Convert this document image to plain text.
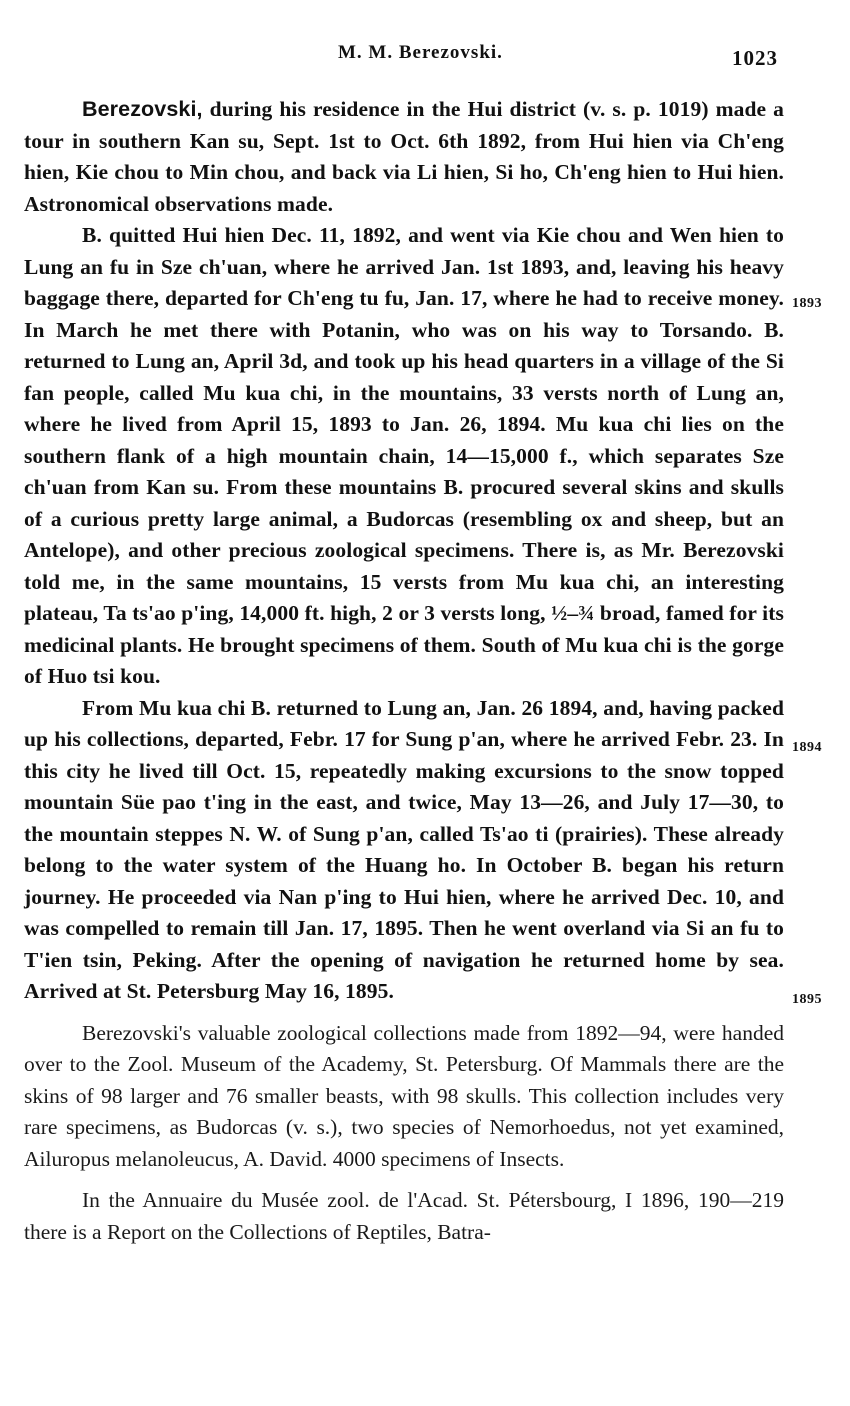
M. M. Berezovski.	1023

Berezovski, during his residence in the Hui district (v. s. p. 1019) made a tour in southern Kan su, Sept. 1st to Oct. 6th 1892, from Hui hien via Ch'eng hien, Kie chou to Min chou, and back via Li hien, Si ho, Ch'eng hien to Hui hien. Astronomical observations made.

B. quitted Hui hien Dec. 11, 1892, and went via Kie chou and Wen hien to Lung an fu in Sze ch'uan, where he arrived Jan. 1st 1893, and, leaving his heavy baggage there, departed for Ch'eng tu fu, Jan. 17, where he had to receive money. In March he met there with Potanin, who was on his way to Torsando. B. returned to Lung an, April 3d, and took up his head quarters in a village of the Si fan people, called Mu kua chi, in the mountains, 33 versts north of Lung an, where he lived from April 15, 1893 to Jan. 26, 1894. Mu kua chi lies on the southern flank of a high mountain chain, 14—15,000 f., which separates Sze ch'uan from Kan su. From these mountains B. procured several skins and skulls of a curious pretty large animal, a Budorcas (resembling ox and sheep, but an Antelope), and other precious zoological specimens. There is, as Mr. Berezovski told me, in the same mountains, 15 versts from Mu kua chi, an interesting plateau, Ta ts'ao p'ing, 14,000 ft. high, 2 or 3 versts long, ½–¾ broad, famed for its medicinal plants. He brought specimens of them. South of Mu kua chi is the gorge of Huo tsi kou.

From Mu kua chi B. returned to Lung an, Jan. 26 1894, and, having packed up his collections, departed, Febr. 17 for Sung p'an, where he arrived Febr. 23. In this city he lived till Oct. 15, repeatedly making excursions to the snow topped mountain Süe pao t'ing in the east, and twice, May 13—26, and July 17—30, to the mountain steppes N. W. of Sung p'an, called Ts'ao ti (prairies). These already belong to the water system of the Huang ho. In October B. began his return journey. He proceeded via Nan p'ing to Hui hien, where he arrived Dec. 10, and was compelled to remain till Jan. 17, 1895. Then he went overland via Si an fu to T'ien tsin, Peking. After the opening of navigation he returned home by sea. Arrived at St. Petersburg May 16, 1895.

Berezovski's valuable zoological collections made from 1892—94, were handed over to the Zool. Museum of the Academy, St. Petersburg. Of Mammals there are the skins of 98 larger and 76 smaller beasts, with 98 skulls. This collection includes very rare specimens, as Budorcas (v. s.), two species of Nemorhoedus, not yet examined, Ailuropus melanoleucus, A. David. 4000 specimens of Insects.

In the Annuaire du Musée zool. de l'Acad. St. Pétersbourg, I 1896, 190—219 there is a Report on the Collections of Reptiles, Batra-

1893
1894
1895
